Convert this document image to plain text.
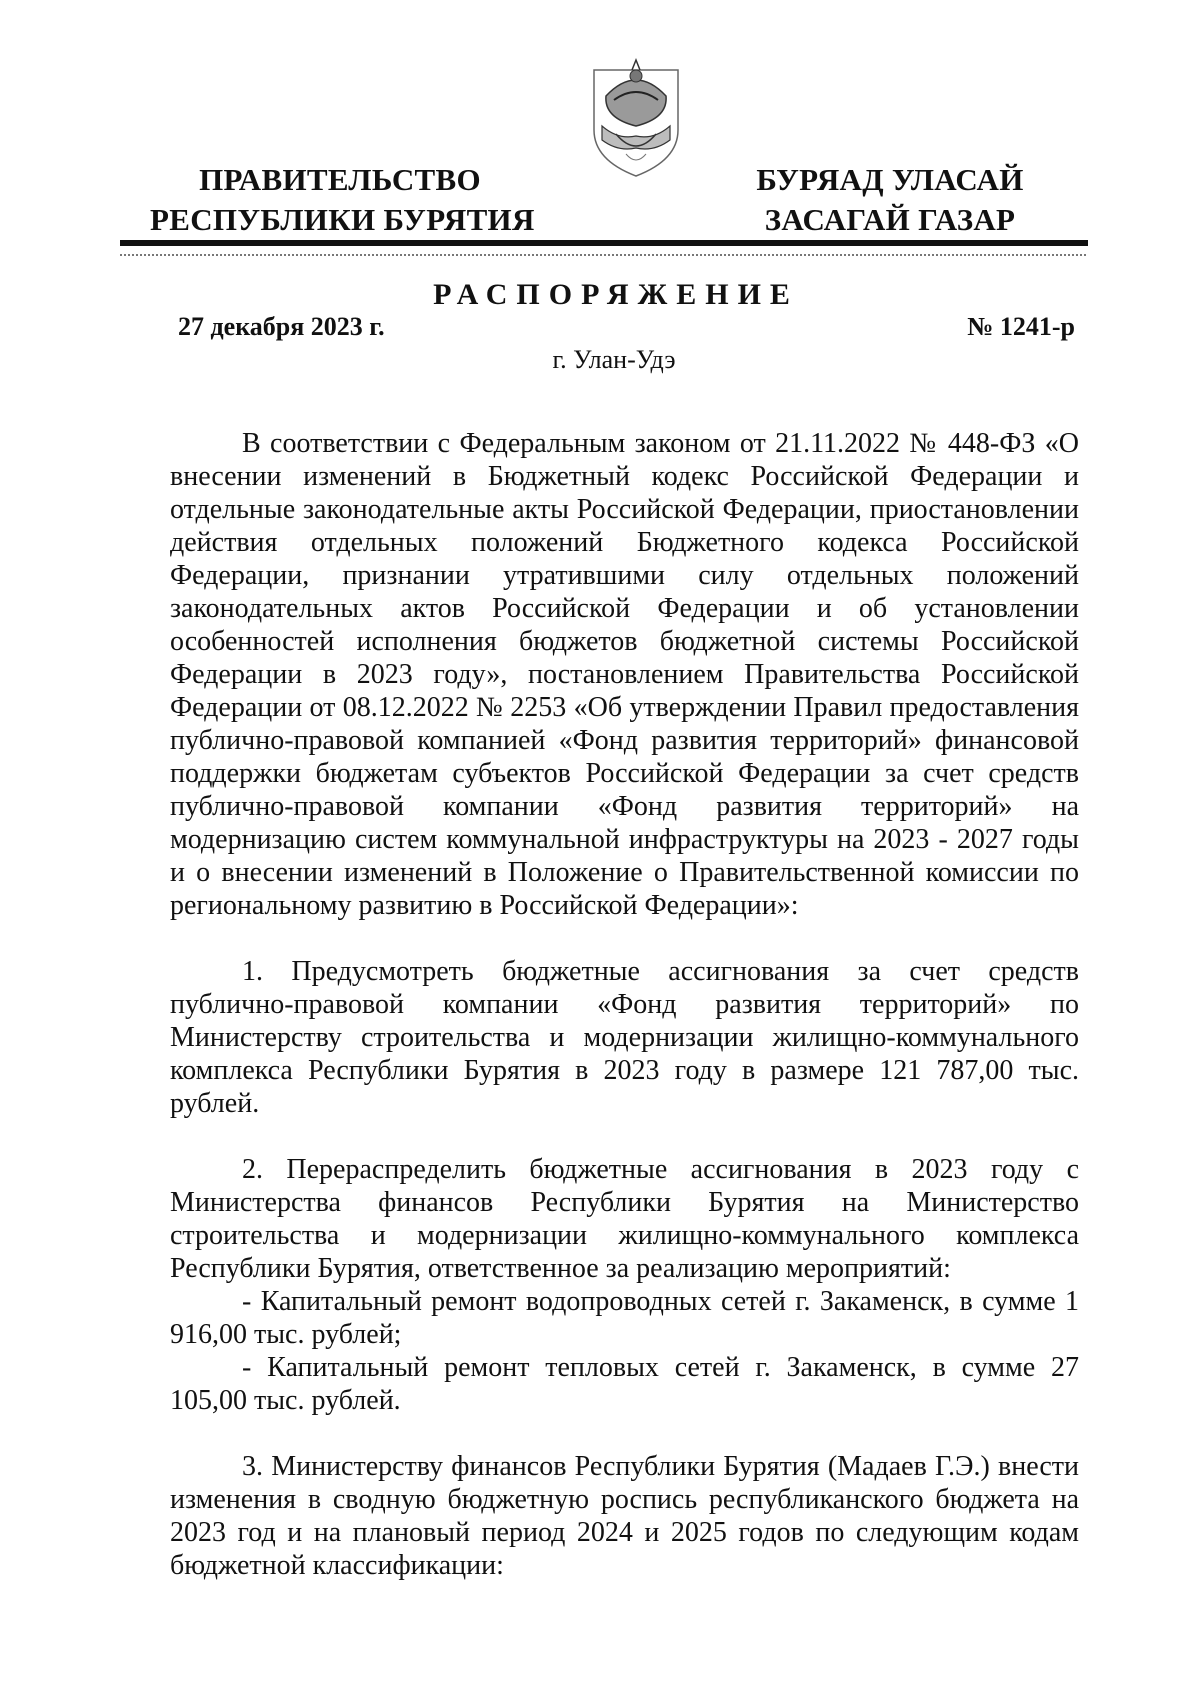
ПРАВИТЕЛЬСТВО
РЕСПУБЛИКИ БУРЯТИЯ
БУРЯАД УЛАСАЙ
ЗАСАГАЙ ГАЗАР
РАСПОРЯЖЕНИЕ
27 декабря 2023 г.	№ 1241-р
г. Улан-Удэ

В соответствии с Федеральным законом от 21.11.2022 № 448-ФЗ «О внесении изменений в Бюджетный кодекс Российской Федерации и отдельные законодательные акты Российской Федерации, приостановлении действия отдельных положений Бюджетного кодекса Российской Федерации, признании утратившими силу отдельных положений законодательных актов Российской Федерации и об установлении особенностей исполнения бюджетов бюджетной системы Российской Федерации в 2023 году», постановлением Правительства Российской Федерации от 08.12.2022 № 2253 «Об утверждении Правил предоставления публично-правовой компанией «Фонд развития территорий» финансовой поддержки бюджетам субъектов Российской Федерации за счет средств публично-правовой компании «Фонд развития территорий» на модернизацию систем коммунальной инфраструктуры на 2023 - 2027 годы и о внесении изменений в Положение о Правительственной комиссии по региональному развитию в Российской Федерации»:

1. Предусмотреть бюджетные ассигнования за счет средств публично-правовой компании «Фонд развития территорий» по Министерству строительства и модернизации жилищно-коммунального комплекса Республики Бурятия в 2023 году в размере 121 787,00 тыс. рублей.

2. Перераспределить бюджетные ассигнования в 2023 году с Министерства финансов Республики Бурятия на Министерство строительства и модернизации жилищно-коммунального комплекса Республики Бурятия, ответственное за реализацию мероприятий:

- Капитальный ремонт водопроводных сетей г. Закаменск, в сумме 1 916,00 тыс. рублей;

- Капитальный ремонт тепловых сетей г. Закаменск, в сумме 27 105,00 тыс. рублей.

3. Министерству финансов Республики Бурятия (Мадаев Г.Э.) внести изменения в сводную бюджетную роспись республиканского бюджета на 2023 год и на плановый период 2024 и 2025 годов по следующим кодам бюджетной классификации:
